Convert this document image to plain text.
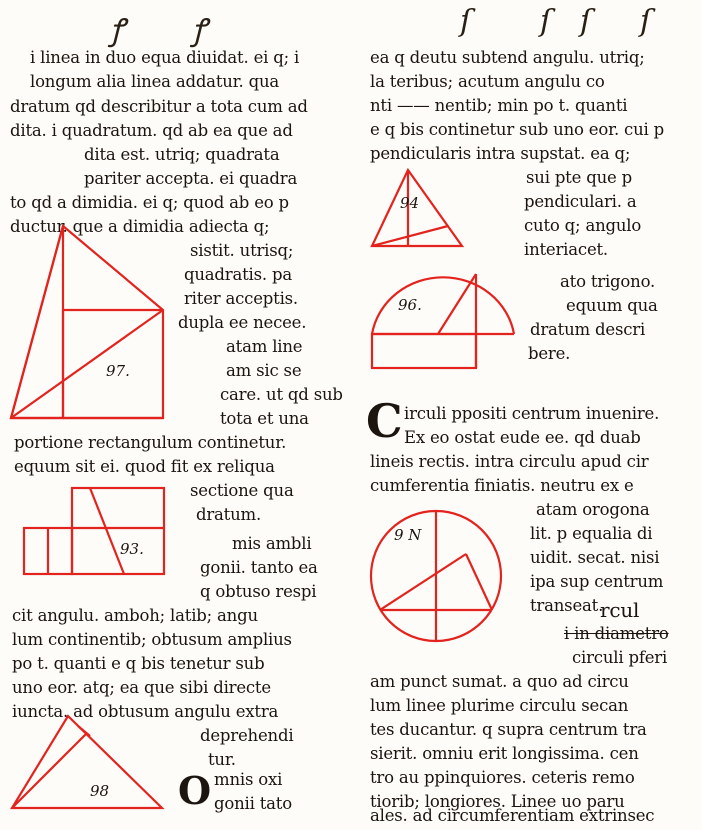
ꝭ ꝭ	ſ ſ ſ ſ
i linea in duo equa diuidat. ei q; i
longum alia linea addatur. qua
dratum qd describitur a tota cum ad
dita. i quadratum. qd ab ea que ad
dita est. utriq; quadrata
pariter accepta. ei quadra
to qd a dimidia. ei q; quod ab eo p
ductur. que a dimidia adiecta q;
sistit. utrisq;
quadratis. pa
riter acceptis.
dupla ee necee.
97.
atam line
am sic se
care. ut qd sub
tota et una
portione rectangulum continetur.
equum sit ei. quod fit ex reliqua
sectione qua
dratum.
93.	mis ambli
gonii. tanto ea
q obtuso respi
cit angulu. amboh; latib; angu
lum continentib; obtusum amplius
po t. quanti e q bis tenetur sub
uno eor. atq; ea que sibi directe
iuncta. ad obtusum angulu extra
deprehendi
tur.
98 O mnis oxi
gonii tato
ea q deutu subtend angulu. utriq;
la teribus; acutum angulu co
nti —— nentib; min po t. quanti
e q bis continetur sub uno eor. cui p
pendicularis intra supstat. ea q;
sui pte que p
pendiculari. a
cuto q; angulo
interiacet.
94
ato trigono.
equum qua
dratum descri
bere.
96.
C irculi ppositi centrum inuenire.
Ex eo ostat eude ee. qd duab
lineis rectis. intra circulu apud cir
cumferentia finiatis. neutru ex e
atam orogona
lit. p equalia di
uidit. secat. nisi
ipa sup centrum
transeat.
9 N
rcul
i in diametro
circuli pferi
am punct sumat. a quo ad circu
lum linee plurime circulu secan
tes ducantur. q supra centrum tra
sierit. omniu erit longissima. cen
tro au ppinquiores. ceteris remo
tiorib; longiores. Linee uo paru
ales. ad circumferentiam extrinsec
